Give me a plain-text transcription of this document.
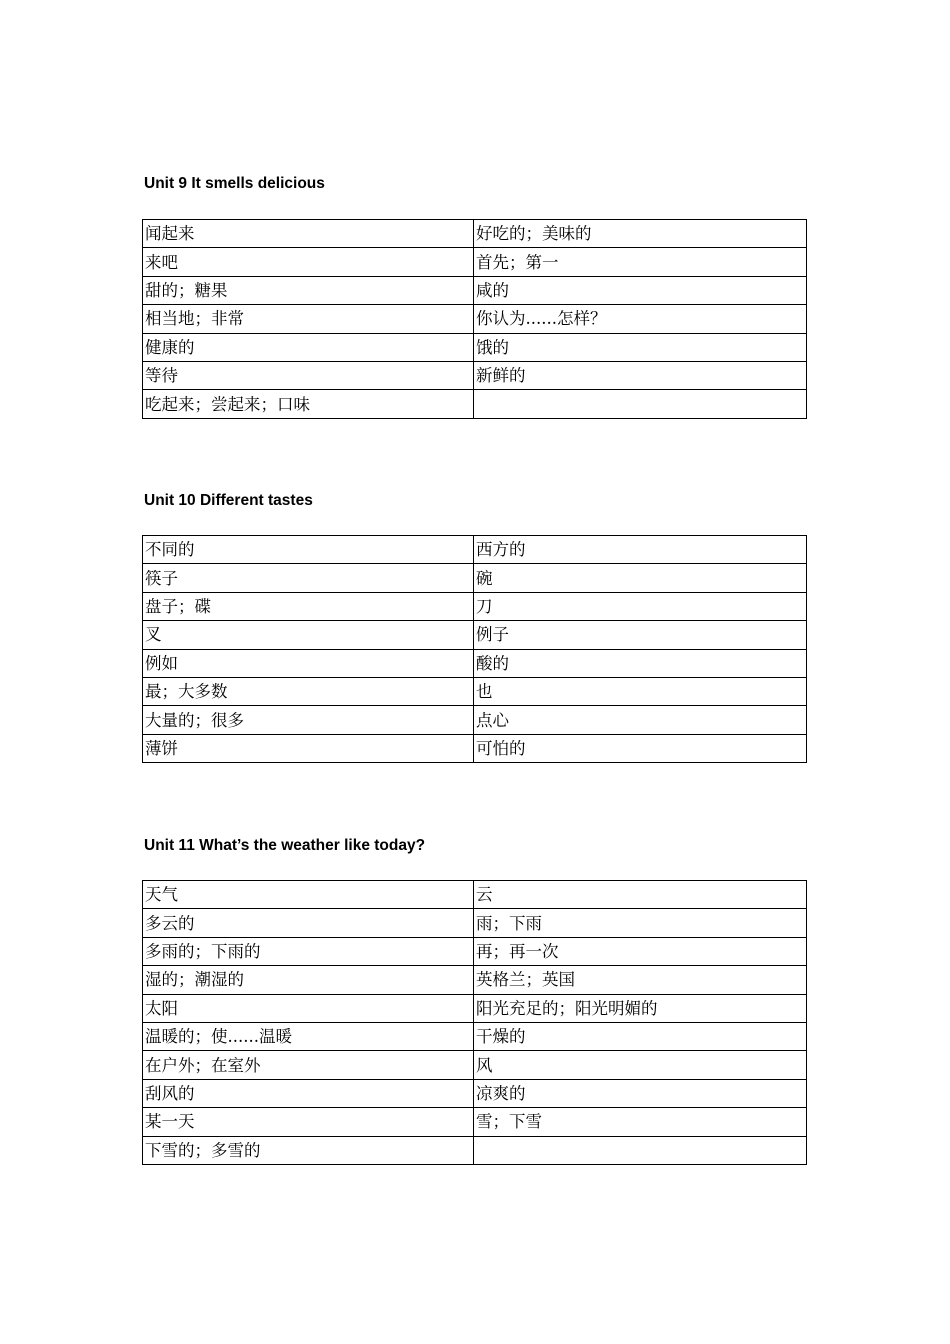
Unit 9 It smells delicious
闻起来	好吃的；美味的
来吧	首先；第一
甜的；糖果	咸的
相当地；非常	你认为......怎样？
健康的	饿的
等待	新鲜的
吃起来；尝起来；口味	
Unit 10 Different tastes
不同的	西方的
筷子	碗
盘子；碟	刀
叉	例子
例如	酸的
最；大多数	也
大量的；很多	点心
薄饼	可怕的
Unit 11 What’s the weather like today?
天气	云
多云的	雨；下雨
多雨的；下雨的	再；再一次
湿的；潮湿的	英格兰；英国
太阳	阳光充足的；阳光明媚的
温暖的；使......温暖	干燥的
在户外；在室外	风
刮风的	凉爽的
某一天	雪；下雪
下雪的；多雪的	
